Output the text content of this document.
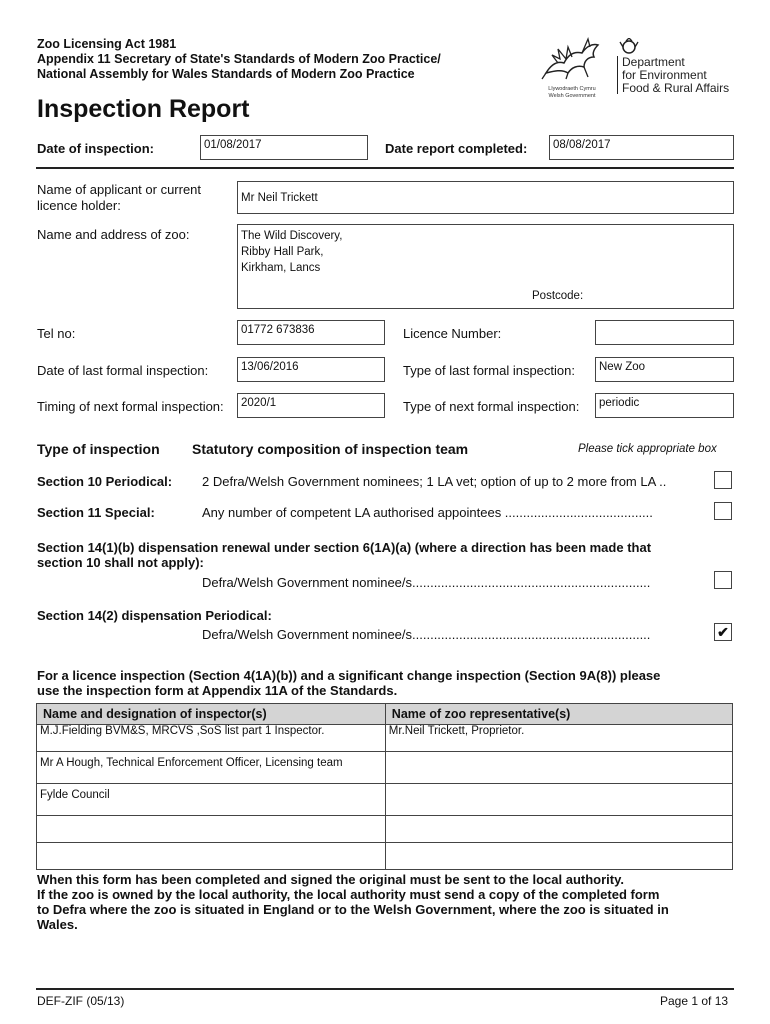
Zoo Licensing Act 1981
Appendix 11 Secretary of State's Standards of Modern Zoo Practice/
National Assembly for Wales Standards of Modern Zoo Practice
Llywodraeth Cymru
Welsh Government
Department
for Environment
Food & Rural Affairs
Inspection Report
Date of inspection:	01/08/2017	Date report completed:	08/08/2017
Name of applicant or current
licence holder:	Mr Neil Trickett
Name and address of zoo:	The Wild Discovery,
Ribby Hall Park,
Kirkham, Lancs
Postcode:
Tel no:	01772 673836	Licence Number:
Date of last formal inspection:	13/06/2016	Type of last formal inspection:	New Zoo
Timing of next formal inspection:	2020/1	Type of next formal inspection:	periodic
Type of inspection Statutory composition of inspection team	Please tick appropriate box
Section 10 Periodical: 2 Defra/Welsh Government nominees; 1 LA vet; option of up to 2 more from LA ..
Section 11 Special:	Any number of competent LA authorised appointees .........................................
Section 14(1)(b) dispensation renewal under section 6(1A)(a) (where a direction has been made that
section 10 shall not apply):
Defra/Welsh Government nominee/s..................................................................
Section 14(2) dispensation Periodical:
Defra/Welsh Government nominee/s..................................................................	✔
For a licence inspection (Section 4(1A)(b)) and a significant change inspection (Section 9A(8)) please
use the inspection form at Appendix 11A of the Standards.
Name and designation of inspector(s)	Name of zoo representative(s)
M.J.Fielding BVM&S, MRCVS ,SoS list part 1 Inspector.	Mr.Neil Trickett, Proprietor.
Mr A Hough, Technical Enforcement Officer, Licensing team	
Fylde Council	

When this form has been completed and signed the original must be sent to the local authority.
If the zoo is owned by the local authority, the local authority must send a copy of the completed form
to Defra where the zoo is situated in England or to the Welsh Government, where the zoo is situated in
Wales.
DEF-ZIF (05/13)	Page 1 of 13
